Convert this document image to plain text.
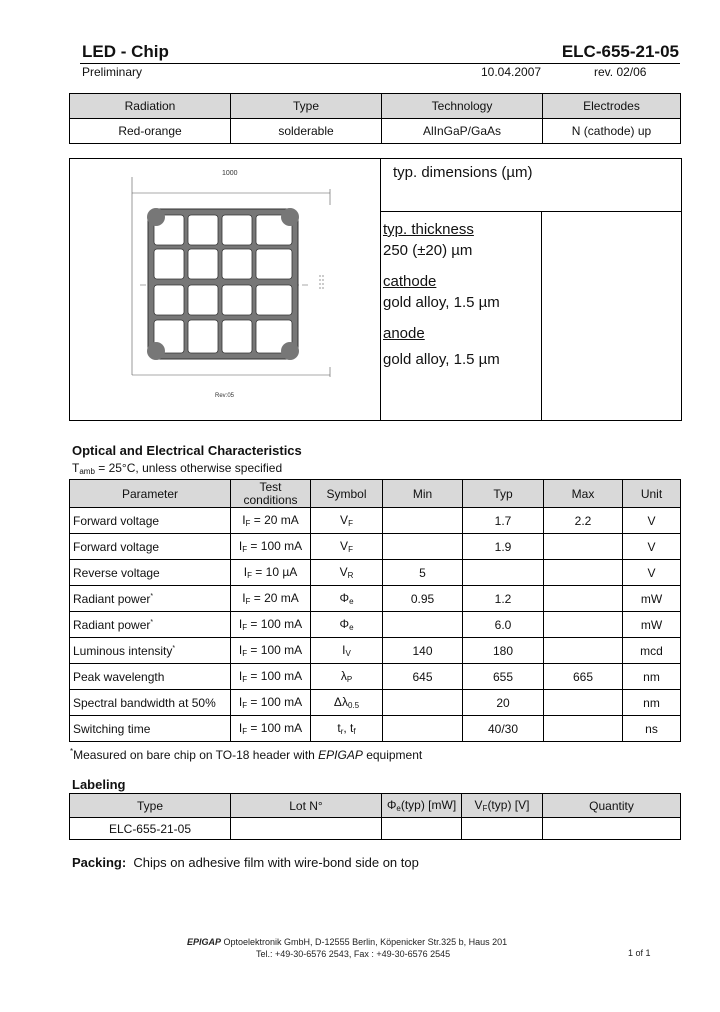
LED - Chip	ELC-655-21-05
Preliminary	10.04.2007	rev. 02/06
Radiation	Type	Technology	Electrodes
Red-orange	solderable	AlInGaP/GaAs	N (cathode) up
typ. dimensions (µm)
typ. thickness
250 (±20) µm
cathode
gold alloy, 1.5 µm
anode
gold alloy, 1.5 µm
1000
Rev:05
Optical and Electrical Characteristics
$T_{amb} = 25^\circ C$, unless otherwise specified
Parameter	Test conditions	Symbol	Min	Typ	Max	Unit
Forward voltage	$I_F = 20$ mA	$V_F$		1.7	2.2	V
Forward voltage	$I_F = 100$ mA	$V_F$		1.9		V
Reverse voltage	$I_F = 10$ µA	$V_R$	5			V
Radiant power*	$I_F = 20$ mA	$\Phi_e$	0.95	1.2		mW
Radiant power*	$I_F = 100$ mA	$\Phi_e$		6.0		mW
Luminous intensity*	$I_F = 100$ mA	$I_V$	140	180		mcd
Peak wavelength	$I_F = 100$ mA	$\lambda_P$	645	655	665	nm
Spectral bandwidth at 50%	$I_F = 100$ mA	$\Delta\lambda_{0.5}$		20		nm
Switching time	$I_F = 100$ mA	$t_r$, $t_f$		40/30		ns
*Measured on bare chip on TO-18 header with EPIGAP equipment
Labeling
Type	Lot N°	$\Phi_e(typ)$ [mW]	$V_F(typ)$ [V]	Quantity
ELC-655-21-05				
Packing: Chips on adhesive film with wire-bond side on top
EPIGAP Optoelektronik GmbH, D-12555 Berlin, Köpenicker Str.325 b, Haus 201
Tel.: +49-30-6576 2543, Fax : +49-30-6576 2545	1 of 1
